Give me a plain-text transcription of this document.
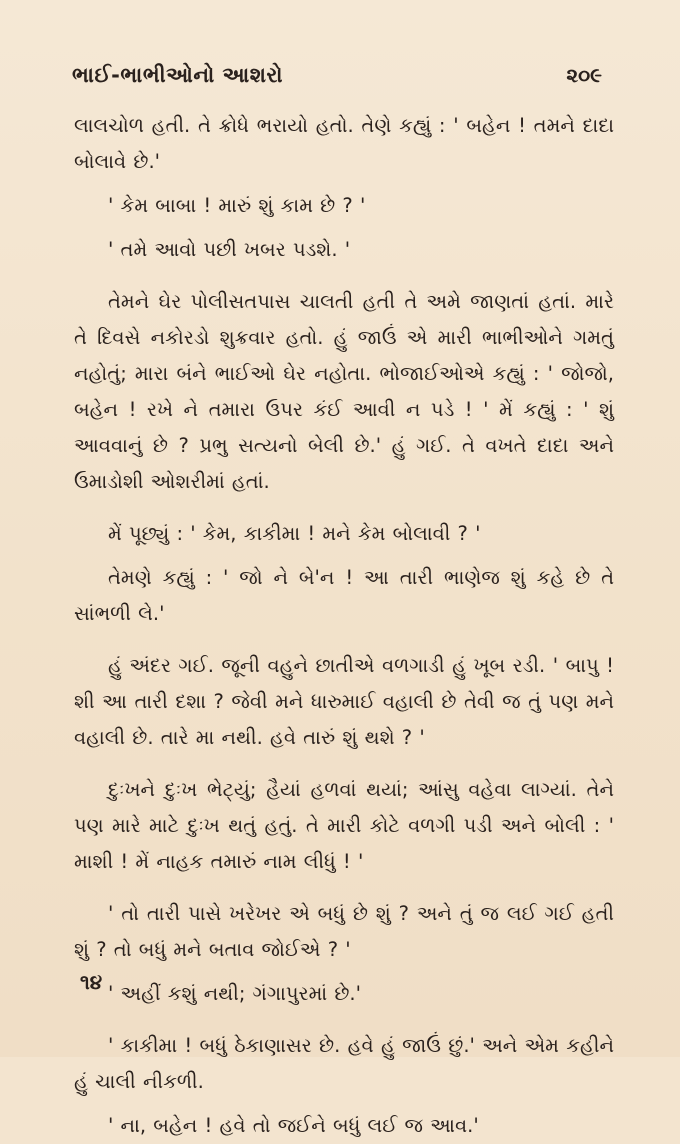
ભાઈ-ભાભીઓનો આશરો	૨૦૯

લાલચોળ હતી. તે ક્રોધે ભરાયો હતો. તેણે કહ્યું : ' બહેન ! તમને દાદા બોલાવે છે.'

' કેમ બાબા ! મારું શું કામ છે ? '

' તમે આવો પછી ખબર પડશે. '

તેમને ઘેર પોલીસતપાસ ચાલતી હતી તે અમે જાણતાં હતાં. મારે તે દિવસે નકોરડો શુક્રવાર હતો. હું જાઉં એ મારી ભાભીઓને ગમતું નહોતું; મારા બંને ભાઈઓ ઘેર નહોતા. ભોજાઈઓએ કહ્યું : ' જોજો, બહેન ! રખે ને તમારા ઉપર કંઈ આવી ન પડે ! ' મેં કહ્યું : ' શું આવવાનું છે ? પ્રભુ સત્યનો બેલી છે.' હું ગઈ. તે વખતે દાદા અને ઉમાડોશી ઓશરીમાં હતાં.

મેં પૂછ્યું : ' કેમ, કાકીમા ! મને કેમ બોલાવી ? '

તેમણે કહ્યું : ' જો ને બે'ન ! આ તારી ભાણેજ શું કહે છે તે સાંભળી લે.'

હું અંદર ગઈ. જૂની વહુને છાતીએ વળગાડી હું ખૂબ રડી. ' બાપુ ! શી આ તારી દશા ? જેવી મને ધારુમાઈ વહાલી છે તેવી જ તું પણ મને વહાલી છે. તારે મા નથી. હવે તારું શું થશે ? '

દુઃખને દુઃખ ભેટ્યું; હૈયાં હળવાં થયાં; આંસુ વહેવા લાગ્યાં. તેને પણ મારે માટે દુઃખ થતું હતું. તે મારી કોટે વળગી પડી અને બોલી : ' માશી ! મેં નાહક તમારું નામ લીધું ! '

' તો તારી પાસે ખરેખર એ બધું છે શું ? અને તું જ લઈ ગઈ હતી શું ? તો બધું મને બતાવ જોઈએ ? '

' અહીં કશું નથી; ગંગાપુરમાં છે.'

' કાકીમા ! બધું ઠેકાણાસર છે. હવે હું જાઉં છું.' અને એમ કહીને હું ચાલી નીકળી.

' ના, બહેન ! હવે તો જઈને બધું લઈ જ આવ.'

૧૪
